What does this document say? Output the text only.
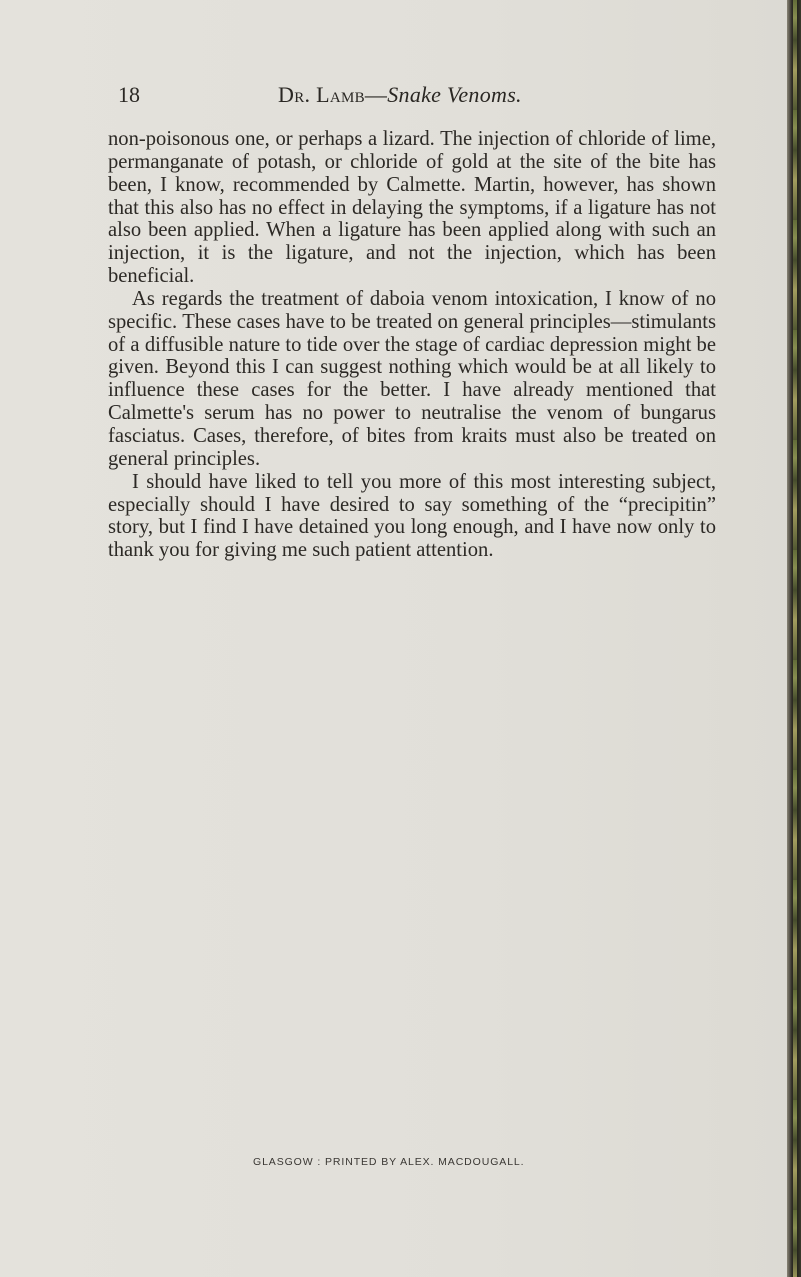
18	Dr. Lamb—Snake Venoms.

non-poisonous one, or perhaps a lizard. The injection of chloride of lime, permanganate of potash, or chloride of gold at the site of the bite has been, I know, recommended by Calmette. Martin, however, has shown that this also has no effect in delaying the symptoms, if a ligature has not also been applied. When a ligature has been applied along with such an injection, it is the ligature, and not the injection, which has been beneficial.

As regards the treatment of daboia venom intoxication, I know of no specific. These cases have to be treated on general principles—stimulants of a diffusible nature to tide over the stage of cardiac depression might be given. Beyond this I can suggest nothing which would be at all likely to influence these cases for the better. I have already mentioned that Calmette's serum has no power to neutralise the venom of bungarus fasciatus. Cases, therefore, of bites from kraits must also be treated on general principles.

I should have liked to tell you more of this most interesting subject, especially should I have desired to say something of the “precipitin” story, but I find I have detained you long enough, and I have now only to thank you for giving me such patient attention.

GLASGOW : PRINTED BY ALEX. MACDOUGALL.
